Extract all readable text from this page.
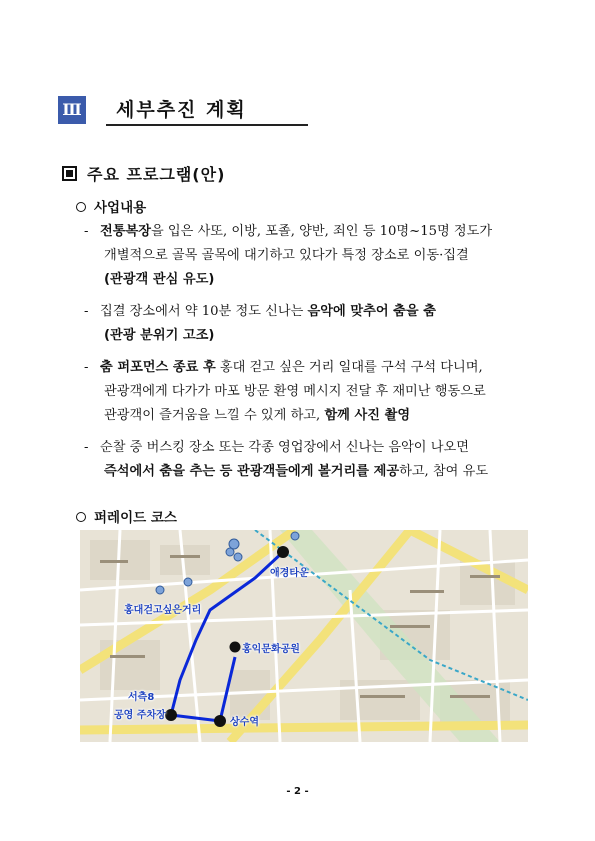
Ⅲ	세부추진 계획
주요 프로그램(안)
사업내용
- 전통복장을 입은 사또, 이방, 포졸, 양반, 죄인 등 10명~15명 정도가
개별적으로 골목 골목에 대기하고 있다가 특정 장소로 이동·집결
(관광객 관심 유도)
- 집결 장소에서 약 10분 정도 신나는 음악에 맞추어 춤을 춤
(관광 분위기 고조)
- 춤 퍼포먼스 종료 후 홍대 걷고 싶은 거리 일대를 구석 구석 다니며,
관광객에게 다가가 마포 방문 환영 메시지 전달 후 재미난 행동으로
관광객이 즐거움을 느낄 수 있게 하고, 함께 사진 촬영
- 순찰 중 버스킹 장소 또는 각종 영업장에서 신나는 음악이 나오면
즉석에서 춤을 추는 등 관광객들에게 볼거리를 제공하고, 참여 유도
퍼레이드 코스
애경타운
홍대걷고싶은거리
홍익문화공원
서측8
공영 주차장
상수역
- 2 -
